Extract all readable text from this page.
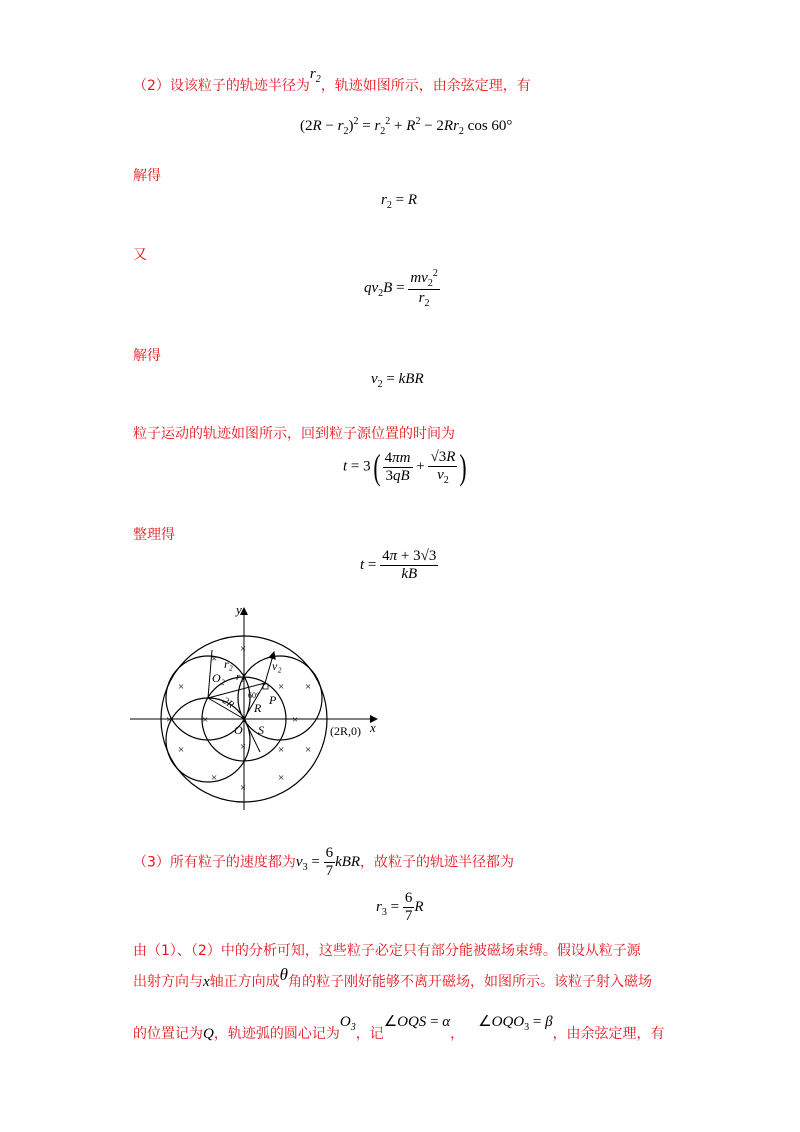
（2）设该粒子的轨迹半径为$r_2$，轨迹如图所示，由余弦定理，有
$(2R - r_2)^2 = r_2^2 + R^2 - 2Rr_2$ cos 60°
解得
$r_2 = R$
又
$qv_2B = \frac{mv_2^2}{r_2}$
解得
$v_2$ = kBR
粒子运动的轨迹如图所示，回到粒子源位置的时间为
$t = 3( \frac{4\pi m}{3qB} + \frac{√3R}{v_2}$ )
整理得
$t = \frac{4\pi + 3√3}{kB}$
×
×
×	× ×
×	×	×
×	×	× ×
×
×
×
y
x
O S
P
R
O₂
r₂
r₂
v₂
2R 60°
(2R,0)
（3）所有粒子的速度都为$v_3 = \frac{6}{7}$ kBR，故粒子的轨迹半径都为
$r_3 = \frac{6}{7}$ R
由（1）、（2）中的分析可知，这些粒子必定只有部分能被磁场束缚。假设从粒子源
出射方向与x轴正方向成θ角的粒子刚好能够不离开磁场，如图所示。该粒子射入磁场
的位置记为Q，轨迹弧的圆心记为$O_3$，记∠OQS = α，$\angle OQO_3 = \beta$，由余弦定理，有
